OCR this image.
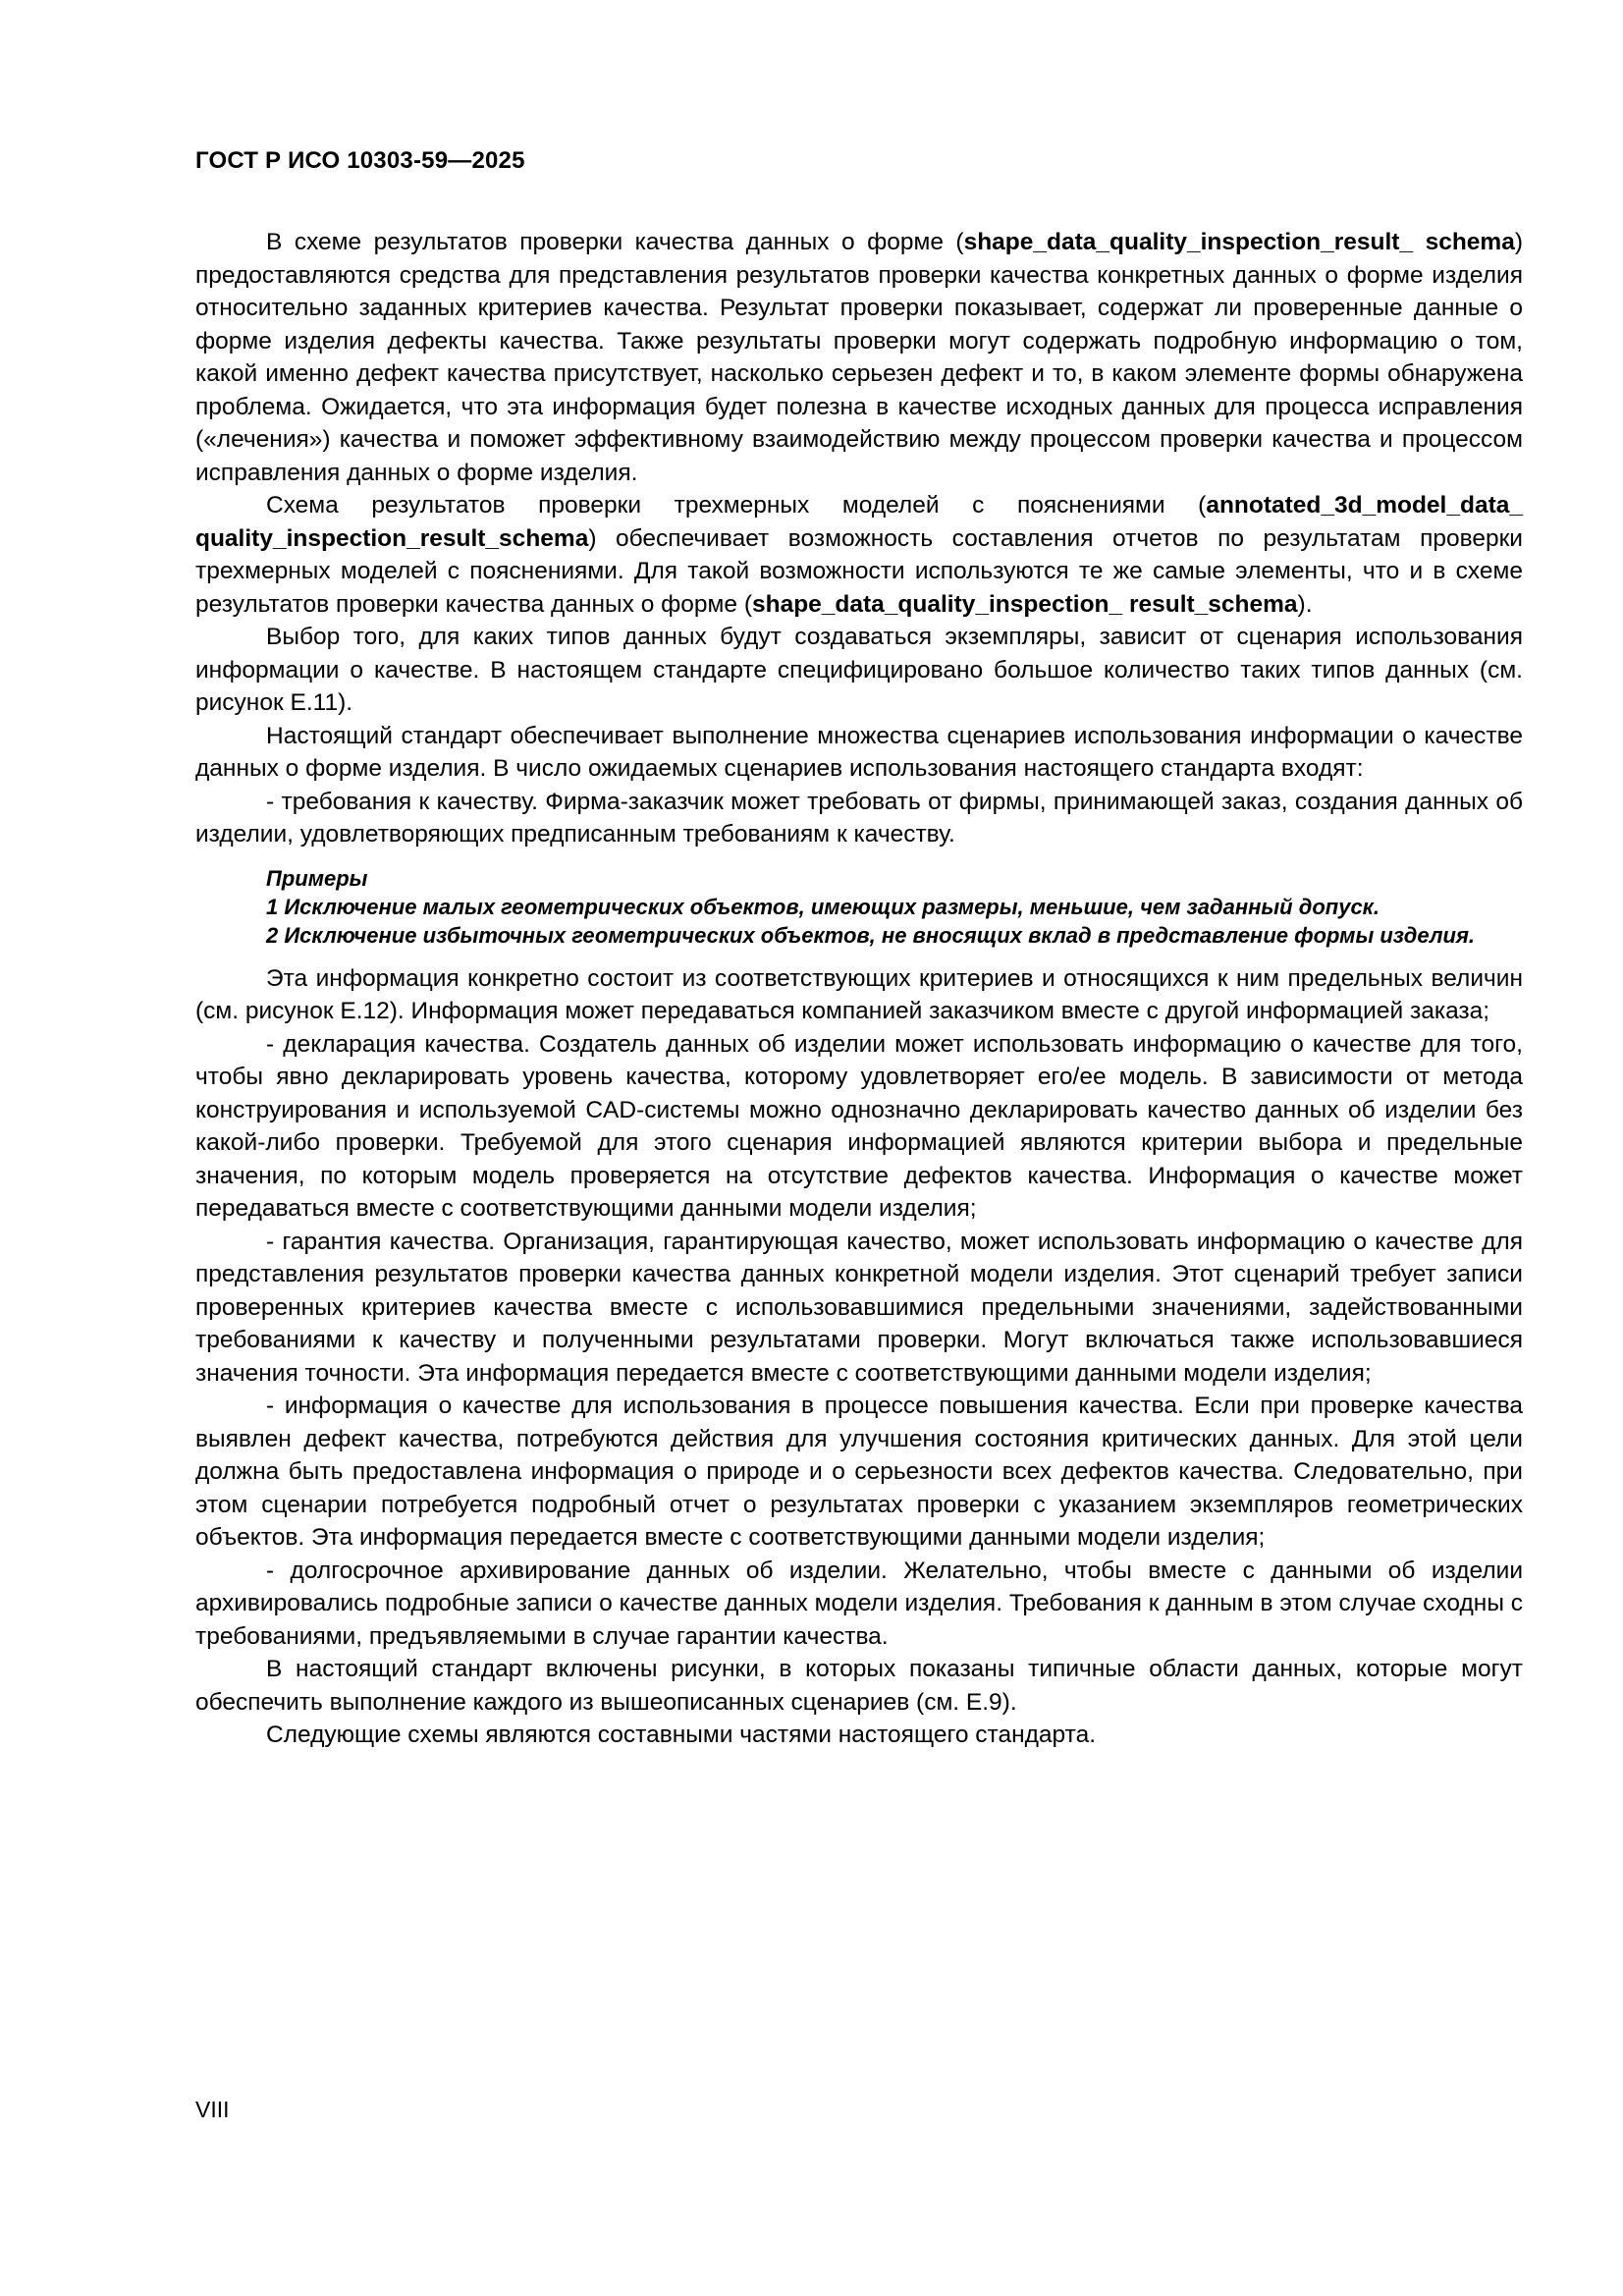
ГОСТ Р ИСО 10303-59—2025

В схеме результатов проверки качества данных о форме (shape_data_quality_inspection_result_ schema) предоставляются средства для представления результатов проверки качества конкретных данных о форме изделия относительно заданных критериев качества. Результат проверки показывает, содержат ли проверенные данные о форме изделия дефекты качества. Также результаты проверки могут содержать подробную информацию о том, какой именно дефект качества присутствует, насколько серьезен дефект и то, в каком элементе формы обнаружена проблема. Ожидается, что эта информация будет полезна в качестве исходных данных для процесса исправления («лечения») качества и поможет эффективному взаимодействию между процессом проверки качества и процессом исправления данных о форме изделия.

Схема результатов проверки трехмерных моделей с пояснениями (annotated_3d_model_data_ quality_inspection_result_schema) обеспечивает возможность составления отчетов по результатам проверки трехмерных моделей с пояснениями. Для такой возможности используются те же самые элементы, что и в схеме результатов проверки качества данных о форме (shape_data_quality_inspection_ result_schema).

Выбор того, для каких типов данных будут создаваться экземпляры, зависит от сценария использования информации о качестве. В настоящем стандарте специфицировано большое количество таких типов данных (см. рисунок E.11).

Настоящий стандарт обеспечивает выполнение множества сценариев использования информации о качестве данных о форме изделия. В число ожидаемых сценариев использования настоящего стандарта входят:

- требования к качеству. Фирма-заказчик может требовать от фирмы, принимающей заказ, создания данных об изделии, удовлетворяющих предписанным требованиям к качеству.

Примеры

1 Исключение малых геометрических объектов, имеющих размеры, меньшие, чем заданный допуск.

2 Исключение избыточных геометрических объектов, не вносящих вклад в представление формы изделия.

Эта информация конкретно состоит из соответствующих критериев и относящихся к ним предельных величин (см. рисунок E.12). Информация может передаваться компанией заказчиком вместе с другой информацией заказа;

- декларация качества. Создатель данных об изделии может использовать информацию о качестве для того, чтобы явно декларировать уровень качества, которому удовлетворяет его/ее модель. В зависимости от метода конструирования и используемой CAD-системы можно однозначно декларировать качество данных об изделии без какой-либо проверки. Требуемой для этого сценария информацией являются критерии выбора и предельные значения, по которым модель проверяется на отсутствие дефектов качества. Информация о качестве может передаваться вместе с соответствующими данными модели изделия;

- гарантия качества. Организация, гарантирующая качество, может использовать информацию о качестве для представления результатов проверки качества данных конкретной модели изделия. Этот сценарий требует записи проверенных критериев качества вместе с использовавшимися предельными значениями, задействованными требованиями к качеству и полученными результатами проверки. Могут включаться также использовавшиеся значения точности. Эта информация передается вместе с соответствующими данными модели изделия;

- информация о качестве для использования в процессе повышения качества. Если при проверке качества выявлен дефект качества, потребуются действия для улучшения состояния критических данных. Для этой цели должна быть предоставлена информация о природе и о серьезности всех дефектов качества. Следовательно, при этом сценарии потребуется подробный отчет о результатах проверки с указанием экземпляров геометрических объектов. Эта информация передается вместе с соответствующими данными модели изделия;

- долгосрочное архивирование данных об изделии. Желательно, чтобы вместе с данными об изделии архивировались подробные записи о качестве данных модели изделия. Требования к данным в этом случае сходны с требованиями, предъявляемыми в случае гарантии качества.

В настоящий стандарт включены рисунки, в которых показаны типичные области данных, которые могут обеспечить выполнение каждого из вышеописанных сценариев (см. E.9).

Следующие схемы являются составными частями настоящего стандарта.

VIII
